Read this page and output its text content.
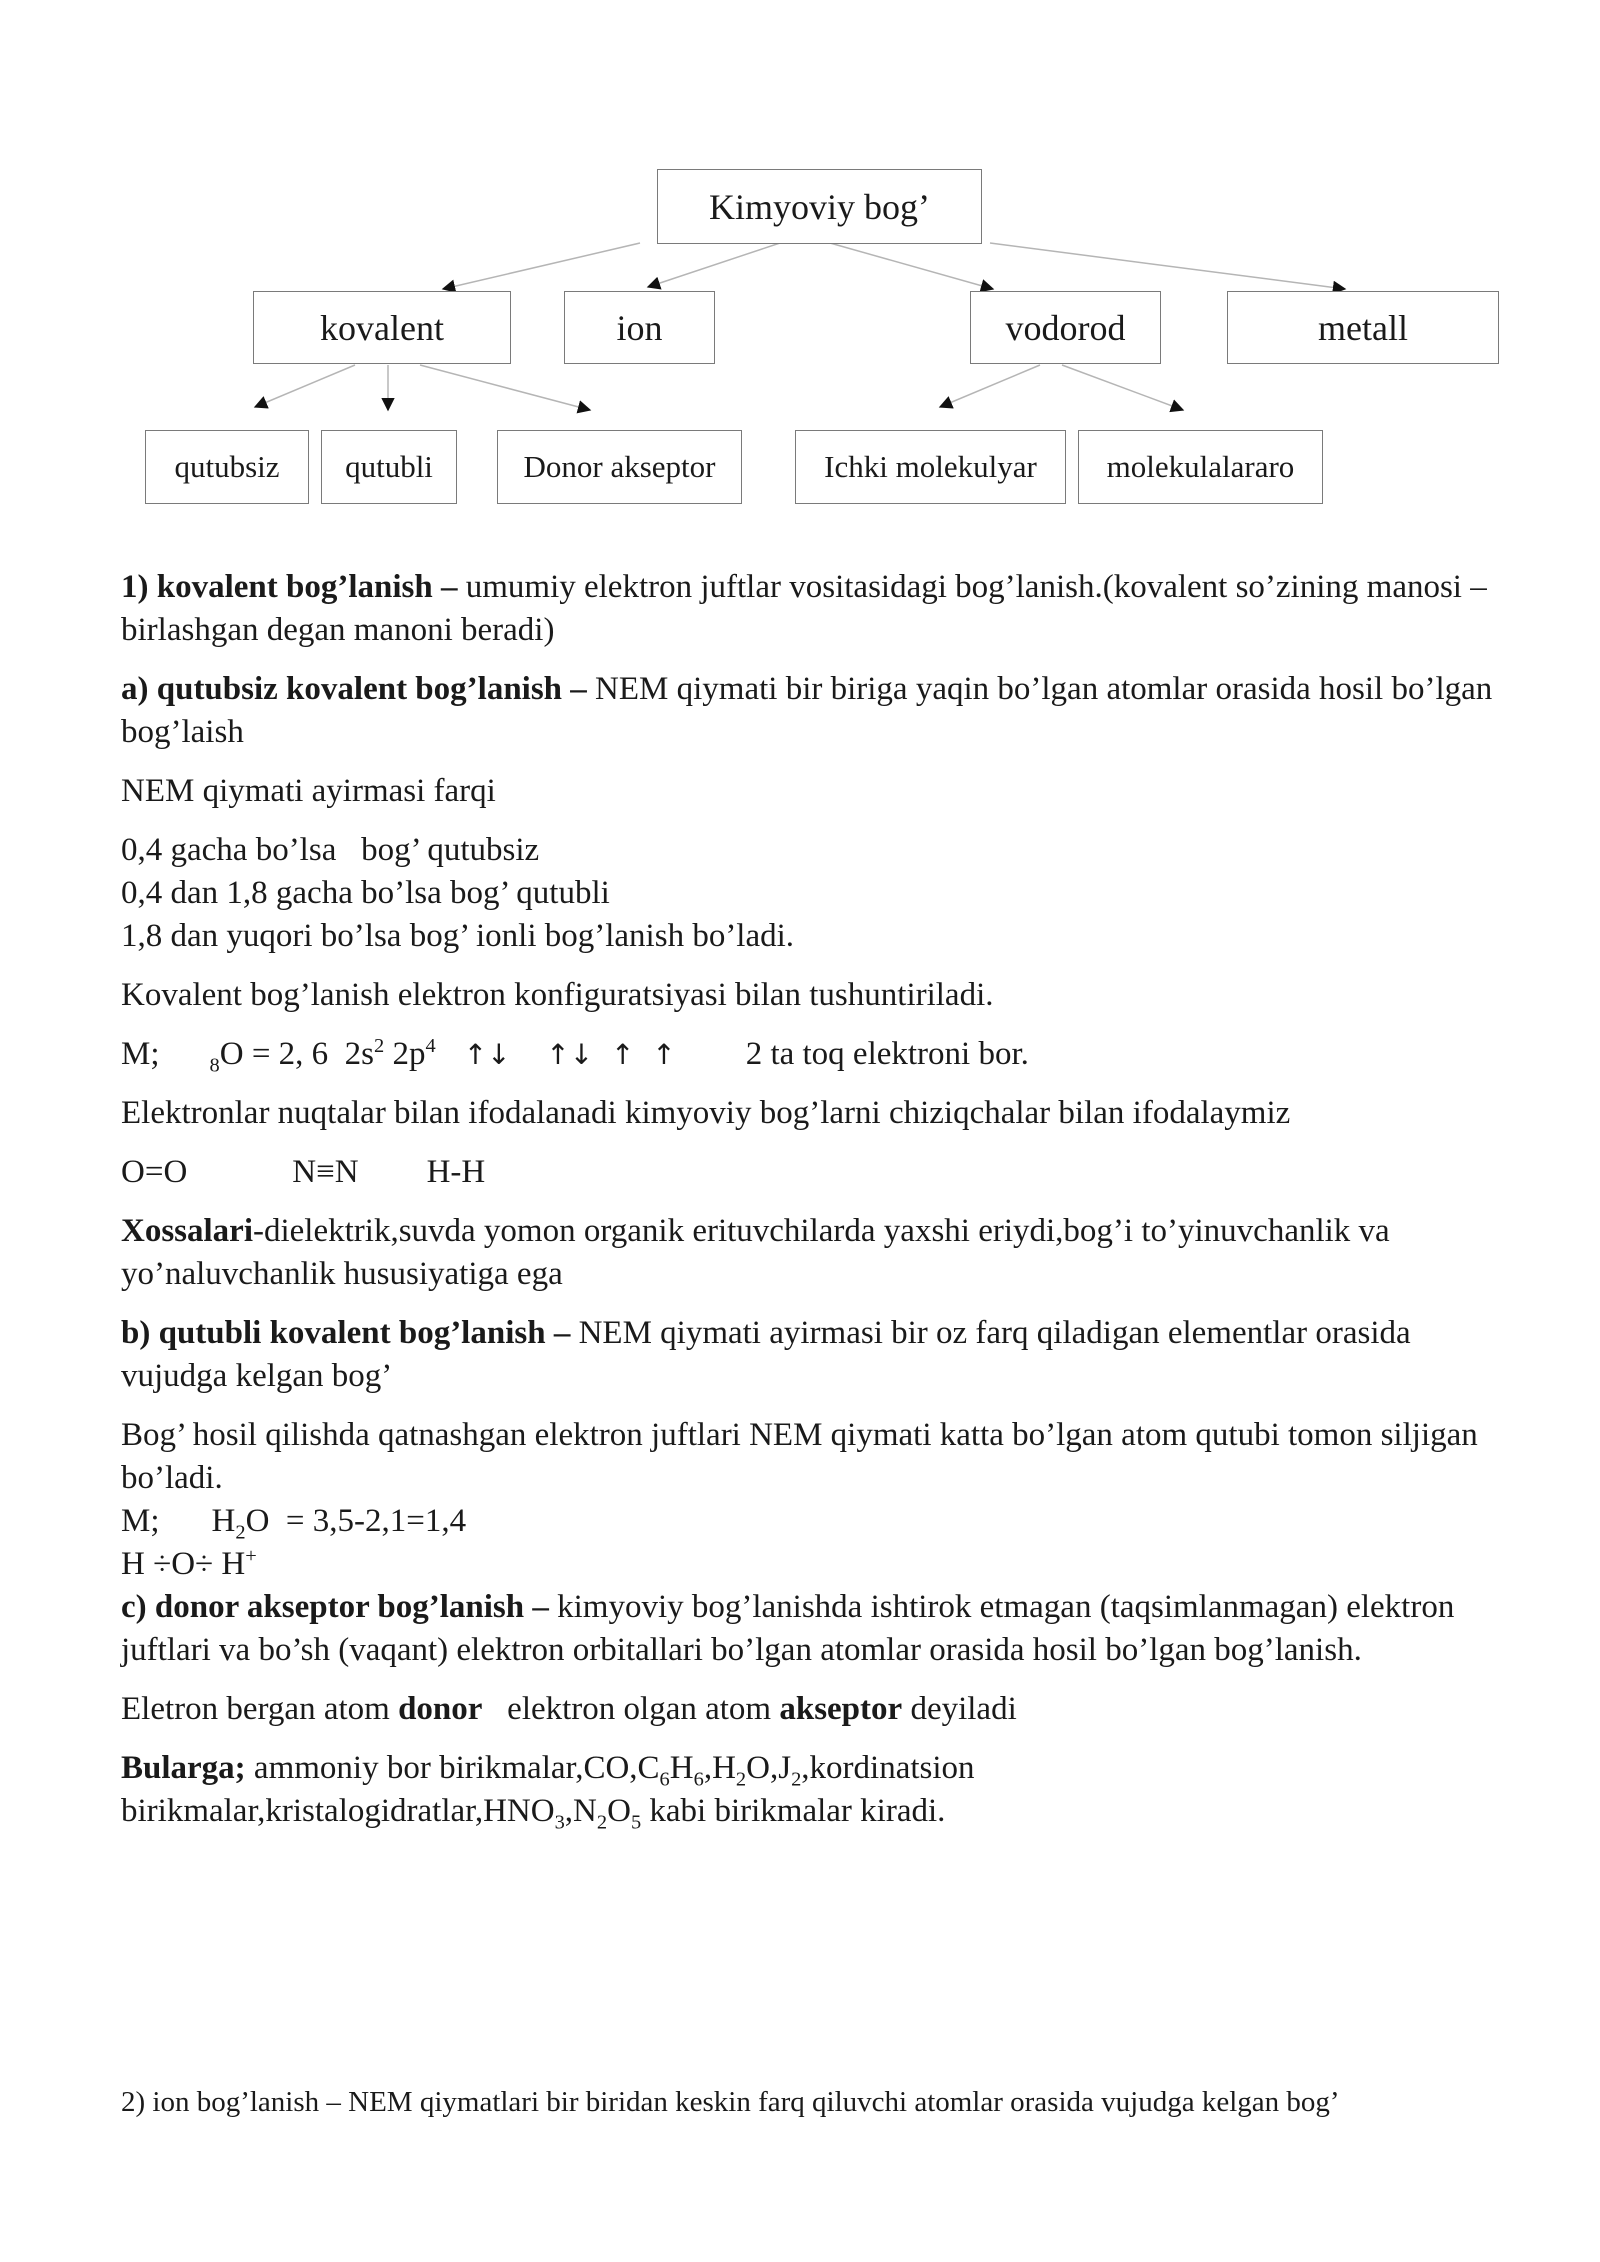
Kimyoviy bog’
kovalent	ion	vodorod	metall
qutubsiz qutubli	Donor akseptor	Ichki molekulyar molekulalararo

1) kovalent bog’lanish – umumiy elektron juftlar vositasidagi bog’lanish.(kovalent so’zining manosi – birlashgan degan manoni beradi)

a) qutubsiz kovalent bog’lanish – NEM qiymati bir biriga yaqin bo’lgan atomlar orasida hosil bo’lgan bog’laish

NEM qiymati ayirmasi farqi

0,4 gacha bo’lsa   bog’ qutubsiz
0,4 dan 1,8 gacha bo’lsa bog’ qutubli
1,8 dan yuqori bo’lsa bog’ ionli bog’lanish bo’ladi.

Kovalent bog’lanish elektron konfiguratsiyasi bilan tushuntiriladi.

M; $_8$O = 2, 6  $2s^2$ $2p^4$ ↑↓    ↑↓  ↑  ↑ 2 ta toq elektroni bor.

Elektronlar nuqtalar bilan ifodalanadi kimyoviy bog’larni chiziqchalar bilan ifodalaymiz

O=O	N≡N H-H

Xossalari-dielektrik,suvda yomon organik erituvchilarda yaxshi eriydi,bog’i to’yinuvchanlik va yo’naluvchanlik hususiyatiga ega

b) qutubli kovalent bog’lanish – NEM qiymati ayirmasi bir oz farq qiladigan elementlar orasida vujudga kelgan bog’

Bog’ hosil qilishda qatnashgan elektron juftlari NEM qiymati katta bo’lgan atom qutubi tomon siljigan bo’ladi.

M; $H_2O = 3,5-2,1=1,4$

H ÷O÷ H+

c) donor akseptor bog’lanish – kimyoviy bog’lanishda ishtirok etmagan (taqsimlanmagan) elektron juftlari va bo’sh (vaqant) elektron orbitallari bo’lgan atomlar orasida hosil bo’lgan bog’lanish.

Eletron bergan atom donor   elektron olgan atom akseptor deyiladi

Bularga; ammoniy bor $birikmalar,CO,C_6H_6,H_2O,J_2,kordinatsion$ $birikmalar,kristalogidratlar,HNO_3,N_2O_5$ kabi birikmalar kiradi.

2) ion bog’lanish – NEM qiymatlari bir biridan keskin farq qiluvchi atomlar orasida vujudga kelgan bog’
